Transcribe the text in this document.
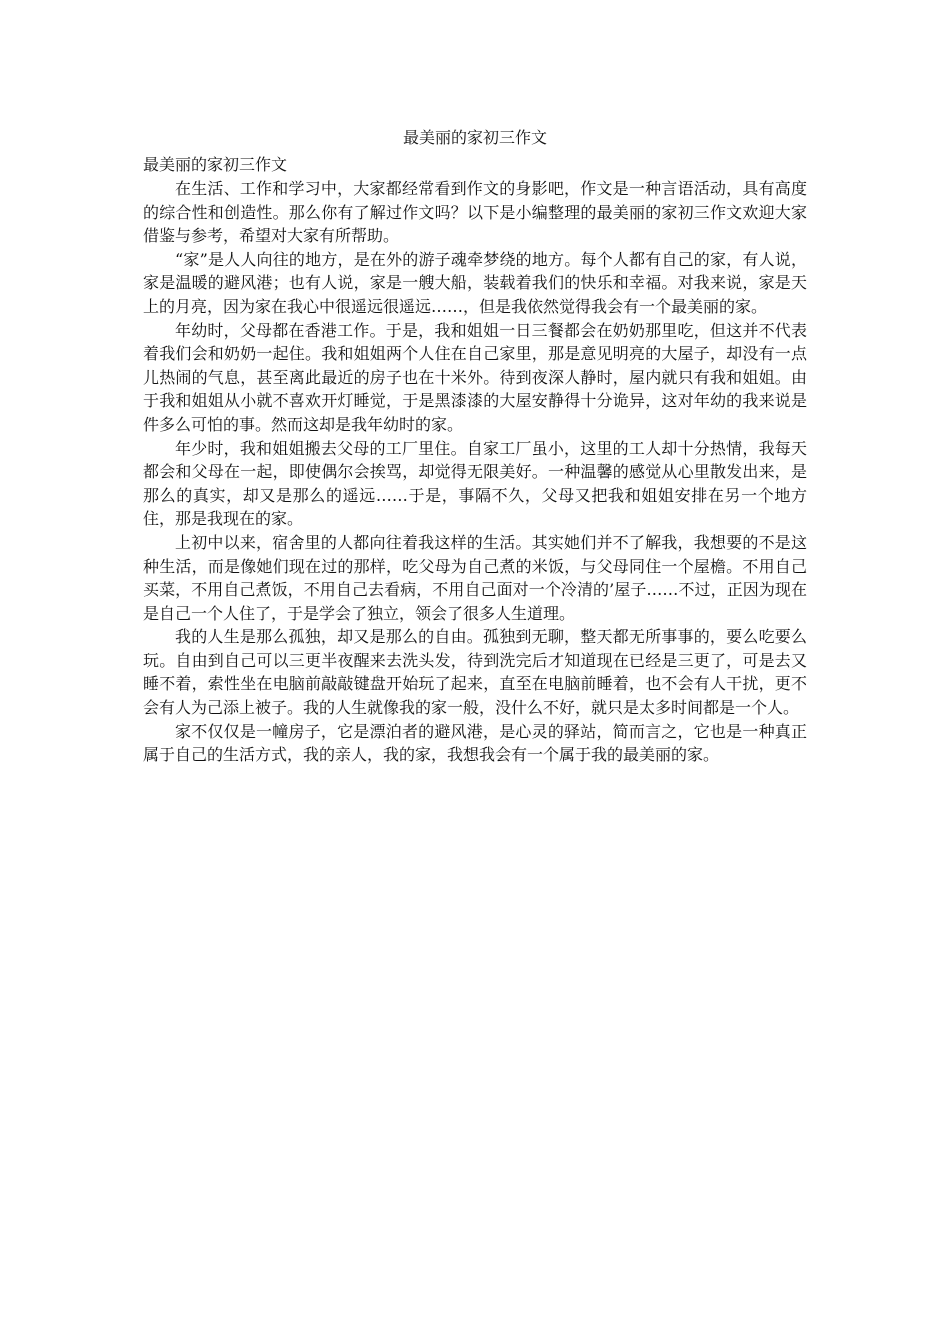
最美丽的家初三作文
最美丽的家初三作文

在生活、工作和学习中，大家都经常看到作文的身影吧，作文是一种言语活动，具有高度的综合性和创造性。那么你有了解过作文吗？以下是小编整理的最美丽的家初三作文欢迎大家借鉴与参考，希望对大家有所帮助。

“家”是人人向往的地方，是在外的游子魂牵梦绕的地方。每个人都有自己的家，有人说，家是温暖的避风港；也有人说，家是一艘大船，装载着我们的快乐和幸福。对我来说，家是天上的月亮，因为家在我心中很遥远很遥远……，但是我依然觉得我会有一个最美丽的家。

年幼时，父母都在香港工作。于是，我和姐姐一日三餐都会在奶奶那里吃，但这并不代表着我们会和奶奶一起住。我和姐姐两个人住在自己家里，那是意见明亮的大屋子，却没有一点儿热闹的气息，甚至离此最近的房子也在十米外。待到夜深人静时，屋内就只有我和姐姐。由于我和姐姐从小就不喜欢开灯睡觉，于是黑漆漆的大屋安静得十分诡异，这对年幼的我来说是件多么可怕的事。然而这却是我年幼时的家。

年少时，我和姐姐搬去父母的工厂里住。自家工厂虽小，这里的工人却十分热情，我每天都会和父母在一起，即使偶尔会挨骂，却觉得无限美好。一种温馨的感觉从心里散发出来，是那么的真实，却又是那么的遥远……于是，事隔不久，父母又把我和姐姐安排在另一个地方住，那是我现在的家。

上初中以来，宿舍里的人都向往着我这样的生活。其实她们并不了解我，我想要的不是这种生活，而是像她们现在过的那样，吃父母为自己煮的米饭，与父母同住一个屋檐。不用自己买菜，不用自己煮饭，不用自己去看病，不用自己面对一个冷清的’屋子……不过，正因为现在是自己一个人住了，于是学会了独立，领会了很多人生道理。

我的人生是那么孤独，却又是那么的自由。孤独到无聊，整天都无所事事的，要么吃要么玩。自由到自己可以三更半夜醒来去洗头发，待到洗完后才知道现在已经是三更了，可是去又睡不着，索性坐在电脑前敲敲键盘开始玩了起来，直至在电脑前睡着，也不会有人干扰，更不会有人为己添上被子。我的人生就像我的家一般，没什么不好，就只是太多时间都是一个人。

家不仅仅是一幢房子，它是漂泊者的避风港，是心灵的驿站，简而言之，它也是一种真正属于自己的生活方式，我的亲人，我的家，我想我会有一个属于我的最美丽的家。
